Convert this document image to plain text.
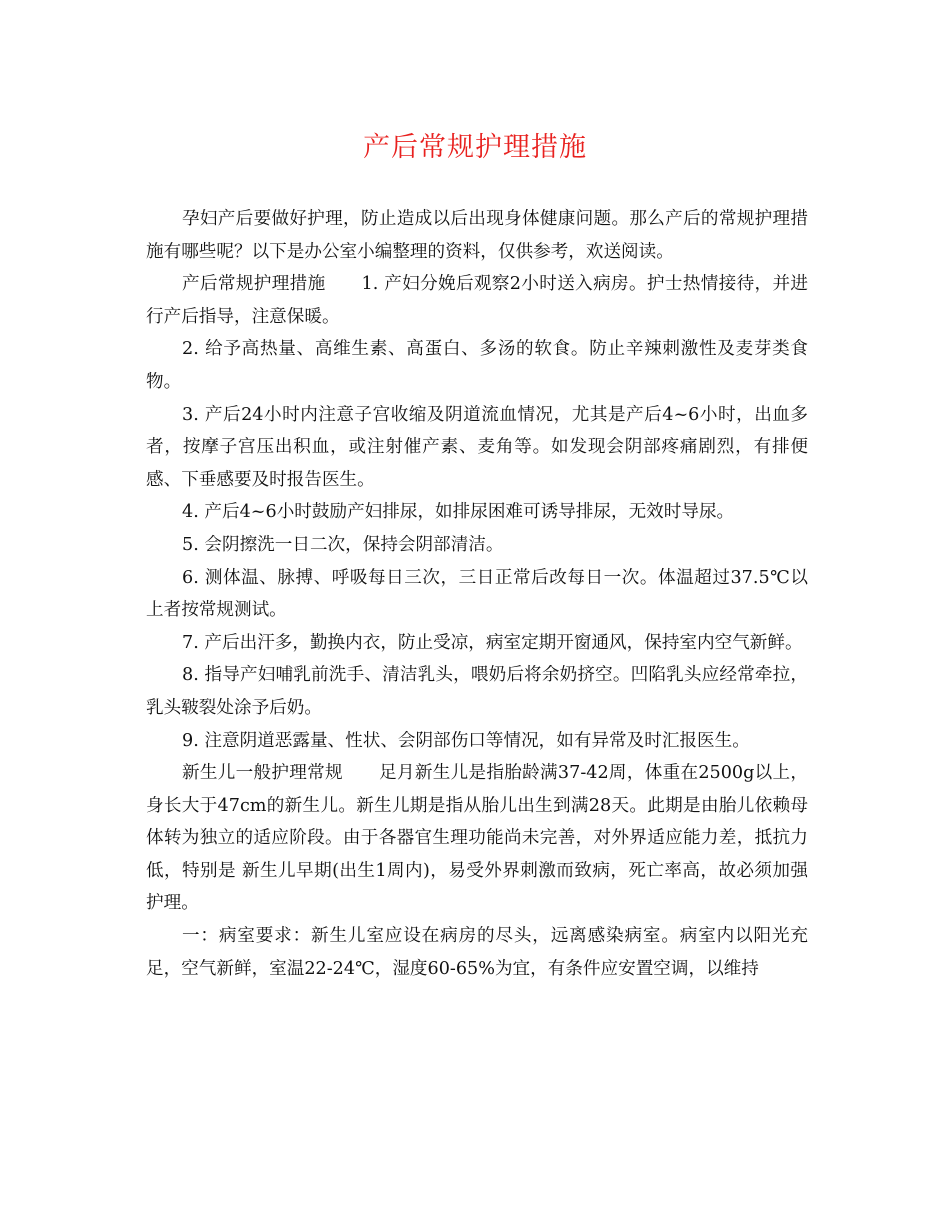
产后常规护理措施

孕妇产后要做好护理，防止造成以后出现身体健康问题。那么产后的常规护理措施有哪些呢？以下是办公室小编整理的资料，仅供参考，欢送阅读。

产后常规护理措施 1. 产妇分娩后观察2小时送入病房。护士热情接待，并进行产后指导，注意保暖。

2. 给予高热量、高维生素、高蛋白、多汤的软食。防止辛辣刺激性及麦芽类食物。

3. 产后24小时内注意子宫收缩及阴道流血情况，尤其是产后4~6小时，出血多者，按摩子宫压出积血，或注射催产素、麦角等。如发现会阴部疼痛剧烈，有排便感、下垂感要及时报告医生。

4. 产后4~6小时鼓励产妇排尿，如排尿困难可诱导排尿，无效时导尿。

5. 会阴擦洗一日二次，保持会阴部清洁。

6. 测体温、脉搏、呼吸每日三次，三日正常后改每日一次。体温超过37.5℃以上者按常规测试。

7. 产后出汗多，勤换内衣，防止受凉，病室定期开窗通风，保持室内空气新鲜。

8. 指导产妇哺乳前洗手、清洁乳头，喂奶后将余奶挤空。凹陷乳头应经常牵拉，乳头皲裂处涂予后奶。

9. 注意阴道恶露量、性状、会阴部伤口等情况，如有异常及时汇报医生。

新生儿一般护理常规 足月新生儿是指胎龄满37-42周，体重在2500g以上，身长大于47cm的新生儿。新生儿期是指从胎儿出生到满28天。此期是由胎儿依赖母体转为独立的适应阶段。由于各器官生理功能尚未完善，对外界适应能力差，抵抗力低，特别是 新生儿早期(出生1周内)，易受外界刺激而致病，死亡率高，故必须加强护理。

一：病室要求：新生儿室应设在病房的尽头，远离感染病室。病室内以阳光充足，空气新鲜，室温22-24℃，湿度60-65%为宜，有条件应安置空调，以维持
